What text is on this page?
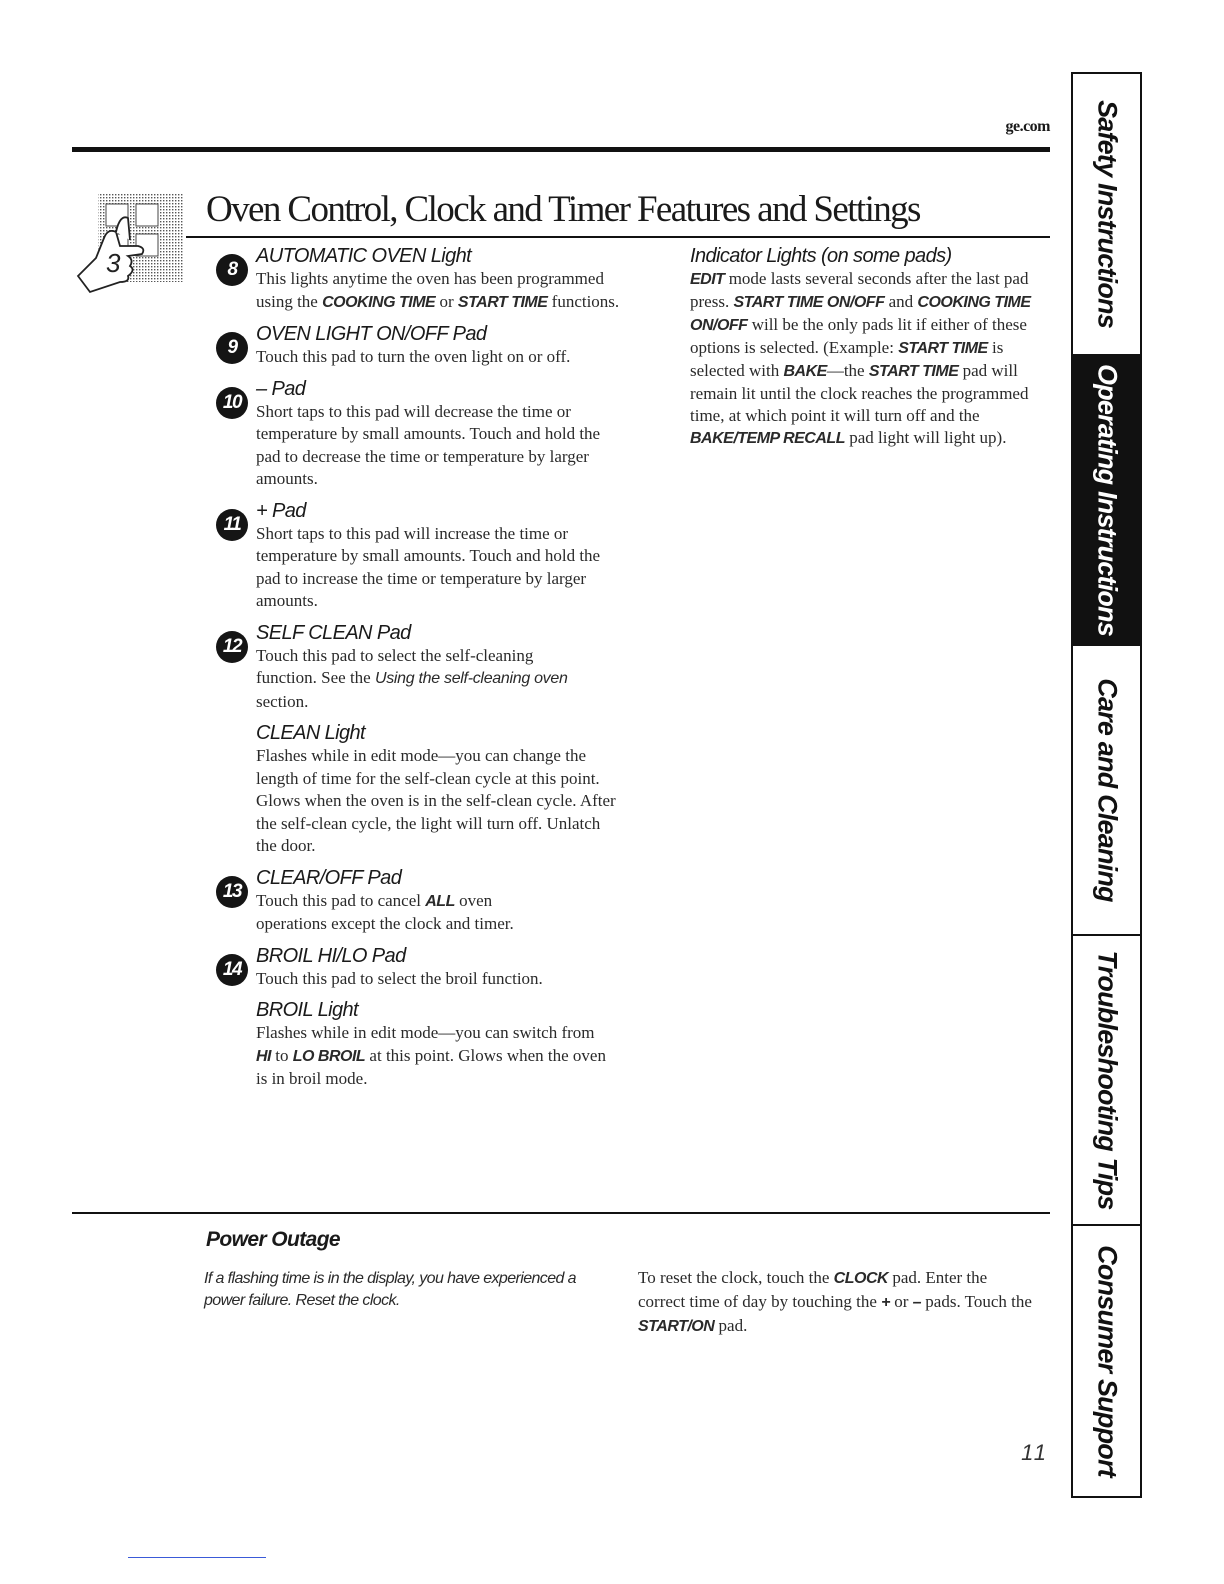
ge.com
3
Oven Control, Clock and Timer Features and Settings
8
AUTOMATIC OVEN Light
This lights anytime the oven has been programmed using the COOKING TIME or START TIME functions.
9
OVEN LIGHT ON/OFF Pad
Touch this pad to turn the oven light on or off.
10
– Pad
Short taps to this pad will decrease the time or temperature by small amounts. Touch and hold the pad to decrease the time or temperature by larger amounts.
11
+ Pad
Short taps to this pad will increase the time or temperature by small amounts. Touch and hold the pad to increase the time or temperature by larger amounts.
12
SELF CLEAN Pad
Touch this pad to select the self-cleaning function. See the Using the self-cleaning oven section.
CLEAN Light
Flashes while in edit mode—you can change the length of time for the self-clean cycle at this point. Glows when the oven is in the self-clean cycle. After the self-clean cycle, the light will turn off. Unlatch the door.
13
CLEAR/OFF Pad
Touch this pad to cancel ALL oven operations except the clock and timer.
14
BROIL HI/LO Pad
Touch this pad to select the broil function.
BROIL Light
Flashes while in edit mode—you can switch from HI to LO BROIL at this point. Glows when the oven is in broil mode.
Indicator Lights (on some pads)
EDIT mode lasts several seconds after the last pad press. START TIME ON/OFF and COOKING TIME ON/OFF will be the only pads lit if either of these options is selected. (Example: START TIME is selected with BAKE—the START TIME pad will remain lit until the clock reaches the programmed time, at which point it will turn off and the BAKE/TEMP RECALL pad light will light up).
Power Outage
If a flashing time is in the display, you have experienced a power failure. Reset the clock.
To reset the clock, touch the CLOCK pad. Enter the correct time of day by touching the + or – pads. Touch the START/ON pad.
11
Safety Instructions
Operating Instructions
Care and Cleaning
Troubleshooting Tips
Consumer Support
